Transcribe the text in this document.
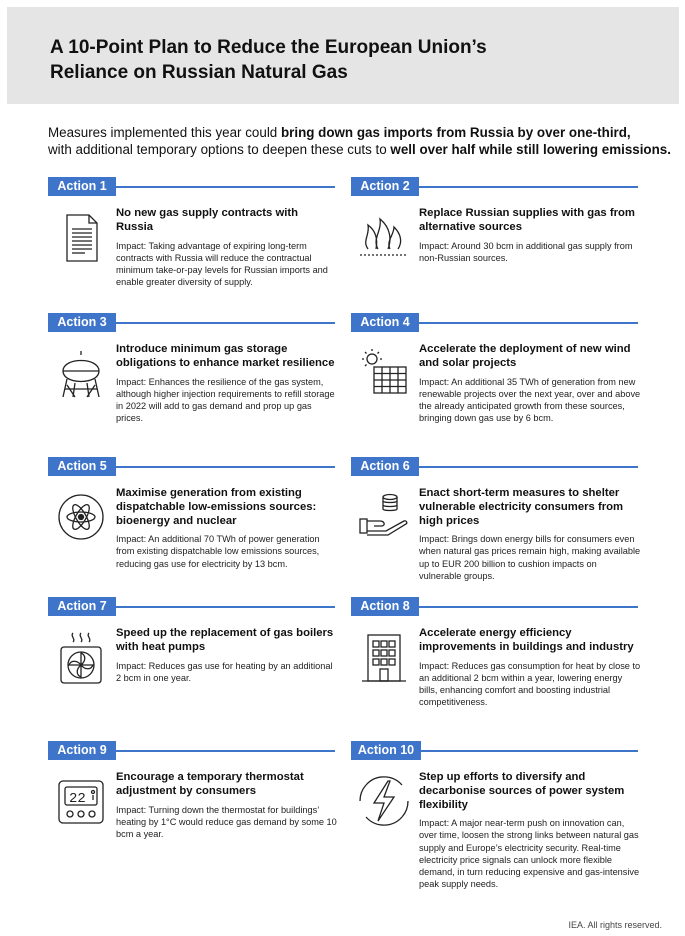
A 10-Point Plan to Reduce the European Union’s
Reliance on Russian Natural Gas
Measures implemented this year could bring down gas imports from Russia by over one-third,
with additional temporary options to deepen these cuts to well over half while still lowering emissions.
Action 1
No new gas supply contracts with Russia
Impact: Taking advantage of expiring long-term contracts with Russia will reduce the contractual minimum take-or-pay levels for Russian imports and enable greater diversity of supply.
Action 2
Replace Russian supplies with gas from alternative sources
Impact: Around 30 bcm in additional gas supply from non-Russian sources.
Action 3
Introduce minimum gas storage obligations to enhance market resilience
Impact: Enhances the resilience of the gas system, although higher injection requirements to refill storage in 2022 will add to gas demand and prop up gas prices.
Action 4
Accelerate the deployment of new wind and solar projects
Impact: An additional 35 TWh of generation from new renewable projects over the next year, over and above the already anticipated growth from these sources, bringing down gas use by 6 bcm.
Action 5
Maximise generation from existing dispatchable low-emissions sources: bioenergy and nuclear
Impact: An additional 70 TWh of power generation from existing dispatchable low emissions sources, reducing gas use for electricity by 13 bcm.
Action 6
Enact short-term measures to shelter vulnerable electricity consumers from high prices
Impact: Brings down energy bills for consumers even when natural gas prices remain high, making available up to EUR 200 billion to cushion impacts on vulnerable groups.
Action 7
Speed up the replacement of gas boilers with heat pumps
Impact: Reduces gas use for heating by an additional 2 bcm in one year.
Action 8
Accelerate energy efficiency improvements in buildings and industry
Impact: Reduces gas consumption for heat by close to an additional 2 bcm within a year, lowering energy bills, enhancing comfort and boosting industrial competitiveness.
Action 9
22
Encourage a temporary thermostat adjustment by consumers
Impact: Turning down the thermostat for buildings’ heating by 1°C would reduce gas demand by some 10 bcm a year.
Action 10
Step up efforts to diversify and decarbonise sources of power system flexibility
Impact: A major near-term push on innovation can, over time, loosen the strong links between natural gas supply and Europe’s electricity security. Real-time electricity price signals can unlock more flexible demand, in turn reducing expensive and gas-intensive peak supply needs.
IEA. All rights reserved.
